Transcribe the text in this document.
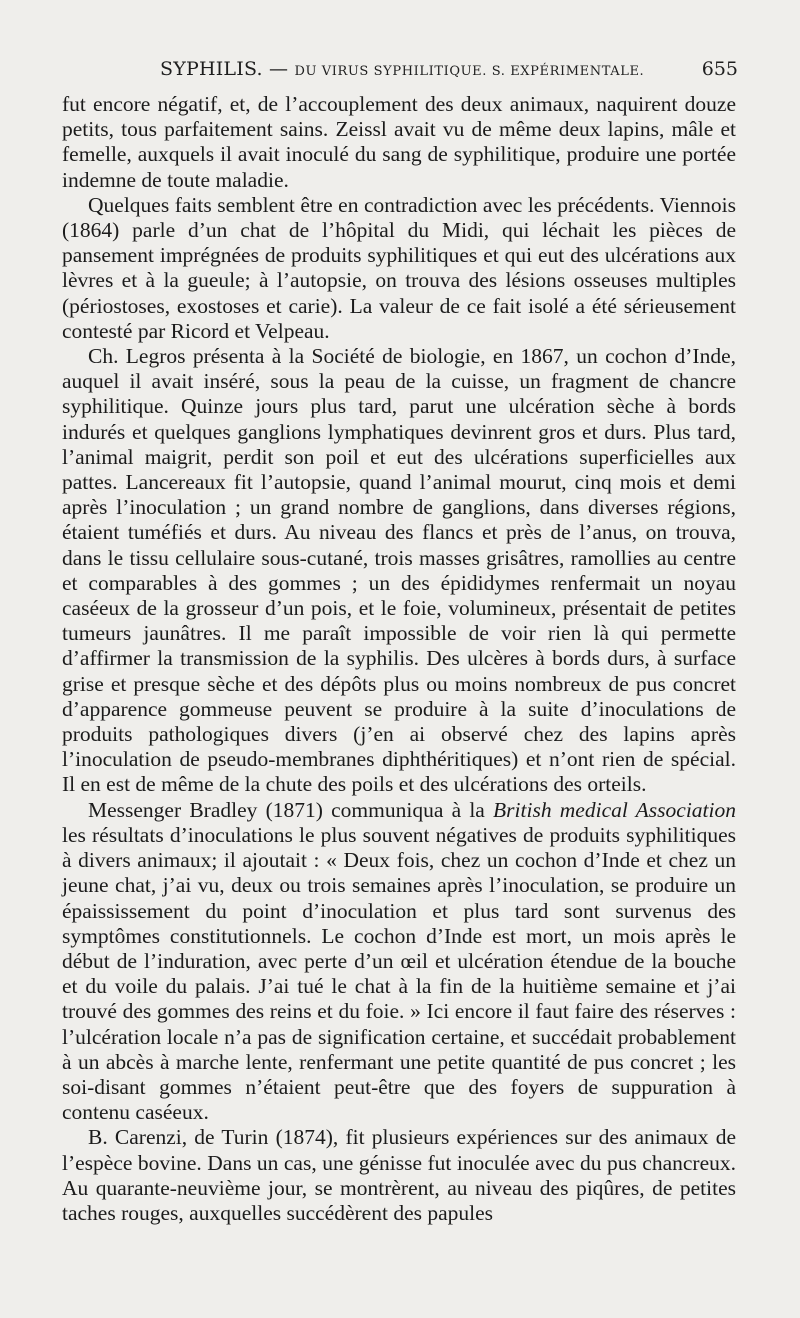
SYPHILIS. — DU VIRUS SYPHILITIQUE. S. EXPÉRIMENTALE.	655

fut encore négatif, et, de l’accouplement des deux animaux, naquirent douze petits, tous parfaitement sains. Zeissl avait vu de même deux lapins, mâle et femelle, auxquels il avait inoculé du sang de syphilitique, produire une portée indemne de toute maladie.

Quelques faits semblent être en contradiction avec les précédents. Viennois (1864) parle d’un chat de l’hôpital du Midi, qui léchait les pièces de pansement imprégnées de produits syphilitiques et qui eut des ulcérations aux lèvres et à la gueule; à l’autopsie, on trouva des lésions osseuses multiples (périostoses, exostoses et carie). La valeur de ce fait isolé a été sérieusement contesté par Ricord et Velpeau.

Ch. Legros présenta à la Société de biologie, en 1867, un cochon d’Inde, auquel il avait inséré, sous la peau de la cuisse, un fragment de chancre syphilitique. Quinze jours plus tard, parut une ulcération sèche à bords indurés et quelques ganglions lymphatiques devinrent gros et durs. Plus tard, l’animal maigrit, perdit son poil et eut des ulcérations superficielles aux pattes. Lancereaux fit l’autopsie, quand l’animal mourut, cinq mois et demi après l’inoculation ; un grand nombre de ganglions, dans diverses régions, étaient tuméfiés et durs. Au niveau des flancs et près de l’anus, on trouva, dans le tissu cellulaire sous-cutané, trois masses grisâtres, ramollies au centre et comparables à des gommes ; un des épididymes renfermait un noyau caséeux de la grosseur d’un pois, et le foie, volumineux, présentait de petites tumeurs jaunâtres. Il me paraît impossible de voir rien là qui permette d’affirmer la transmission de la syphilis. Des ulcères à bords durs, à surface grise et presque sèche et des dépôts plus ou moins nombreux de pus concret d’apparence gommeuse peuvent se produire à la suite d’inoculations de produits pathologiques divers (j’en ai observé chez des lapins après l’inoculation de pseudo-membranes diphthéritiques) et n’ont rien de spécial. Il en est de même de la chute des poils et des ulcérations des orteils.

Messenger Bradley (1871) communiqua à la British medical Association les résultats d’inoculations le plus souvent négatives de produits syphilitiques à divers animaux; il ajoutait : « Deux fois, chez un cochon d’Inde et chez un jeune chat, j’ai vu, deux ou trois semaines après l’inoculation, se produire un épaississement du point d’inoculation et plus tard sont survenus des symptômes constitutionnels. Le cochon d’Inde est mort, un mois après le début de l’induration, avec perte d’un œil et ulcération étendue de la bouche et du voile du palais. J’ai tué le chat à la fin de la huitième semaine et j’ai trouvé des gommes des reins et du foie. » Ici encore il faut faire des réserves : l’ulcération locale n’a pas de signification certaine, et succédait probablement à un abcès à marche lente, renfermant une petite quantité de pus concret ; les soi-disant gommes n’étaient peut-être que des foyers de suppuration à contenu caséeux.

B. Carenzi, de Turin (1874), fit plusieurs expériences sur des animaux de l’espèce bovine. Dans un cas, une génisse fut inoculée avec du pus chancreux. Au quarante-neuvième jour, se montrèrent, au niveau des piqûres, de petites taches rouges, auxquelles succédèrent des papules
